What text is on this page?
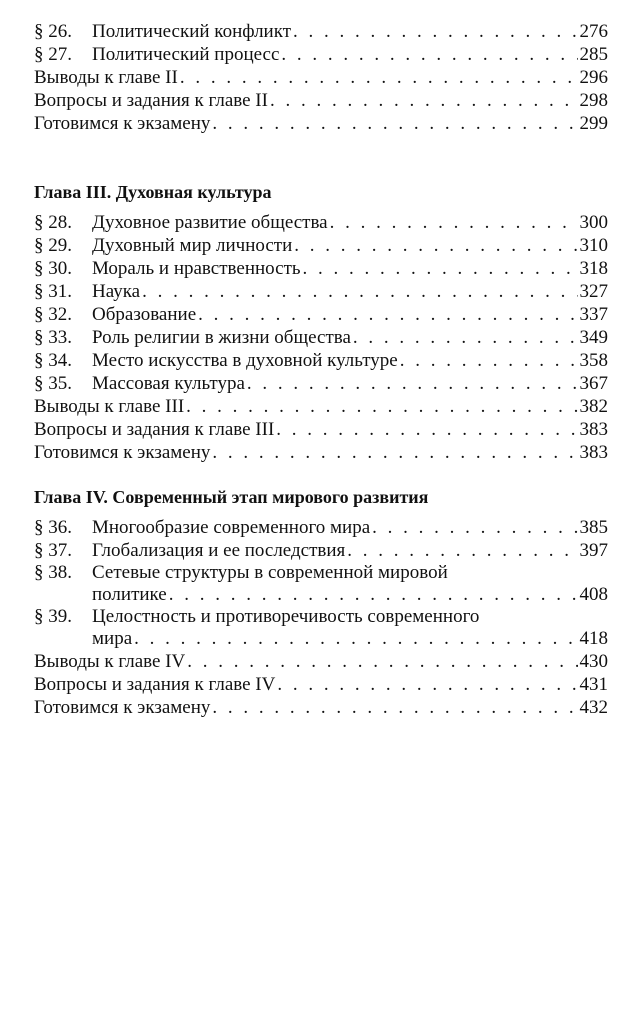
§ 26.	Политический конфликт . . .	276
§ 27.	Политический процесс . . .	285
Выводы к главе II . . .	296
Вопросы и задания к главе II . . .	298
Готовимся к экзамену . . .	299
Глава III. Духовная культура
§ 28.	Духовное развитие общества . . .	300
§ 29.	Духовный мир личности . . .	310
§ 30.	Мораль и нравственность . . .	318
§ 31.	Наука . . .	327
§ 32.	Образование . . .	337
§ 33.	Роль религии в жизни общества . . .	349
§ 34.	Место искусства в духовной культуре . . .	358
§ 35.	Массовая культура . . .	367
Выводы к главе III . . .	382
Вопросы и задания к главе III . . .	383
Готовимся к экзамену . . .	383
Глава IV. Современный этап мирового развития
§ 36.	Многообразие современного мира . . .	385
§ 37.	Глобализация и ее последствия . . .	397
§ 38.	Сетевые структуры в современной мировой
политике . . .	408
§ 39.	Целостность и противоречивость современного
мира . . .	418
Выводы к главе IV . . .	430
Вопросы и задания к главе IV . . .	431
Готовимся к экзамену . . .	432
